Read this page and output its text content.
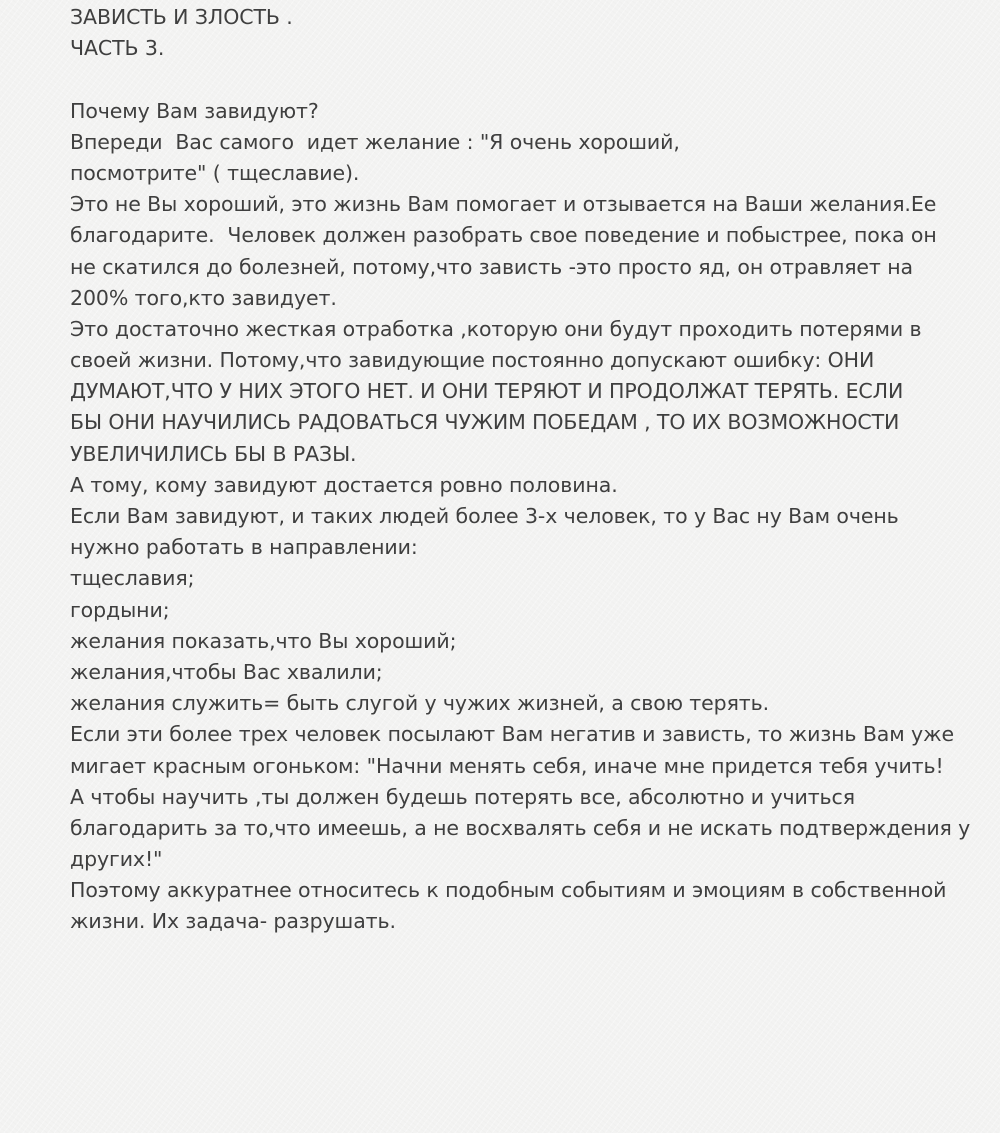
ЗАВИСТЬ И ЗЛОСТЬ .
ЧАСТЬ 3.
Почему Вам завидуют?
Впереди  Вас самого  идет желание : "Я очень хороший,
посмотрите" ( тщеславие).
Это не Вы хороший, это жизнь Вам помогает и отзывается на Ваши желания.Ее
благодарите.  Человек должен разобрать свое поведение и побыстрее, пока он
не скатился до болезней, потому,что зависть -это просто яд, он отравляет на
200% того,кто завидует.
Это достаточно жесткая отработка ,которую они будут проходить потерями в
своей жизни. Потому,что завидующие постоянно допускают ошибку: ОНИ
ДУМАЮТ,ЧТО У НИХ ЭТОГО НЕТ. И ОНИ ТЕРЯЮТ И ПРОДОЛЖАТ ТЕРЯТЬ. ЕСЛИ
БЫ ОНИ НАУЧИЛИСЬ РАДОВАТЬСЯ ЧУЖИМ ПОБЕДАМ , ТО ИХ ВОЗМОЖНОСТИ
УВЕЛИЧИЛИСЬ БЫ В РАЗЫ.
А тому, кому завидуют достается ровно половина.
Если Вам завидуют, и таких людей более 3-х человек, то у Вас ну Вам очень
нужно работать в направлении:
тщеславия;
гордыни;
желания показать,что Вы хороший;
желания,чтобы Вас хвалили;
желания служить= быть слугой у чужих жизней, а свою терять.
Если эти более трех человек посылают Вам негатив и зависть, то жизнь Вам уже
мигает красным огоньком: "Начни менять себя, иначе мне придется тебя учить!
А чтобы научить ,ты должен будешь потерять все, абсолютно и учиться
благодарить за то,что имеешь, а не восхвалять себя и не искать подтверждения у
других!"
Поэтому аккуратнее относитесь к подобным событиям и эмоциям в собственной
жизни. Их задача- разрушать.
